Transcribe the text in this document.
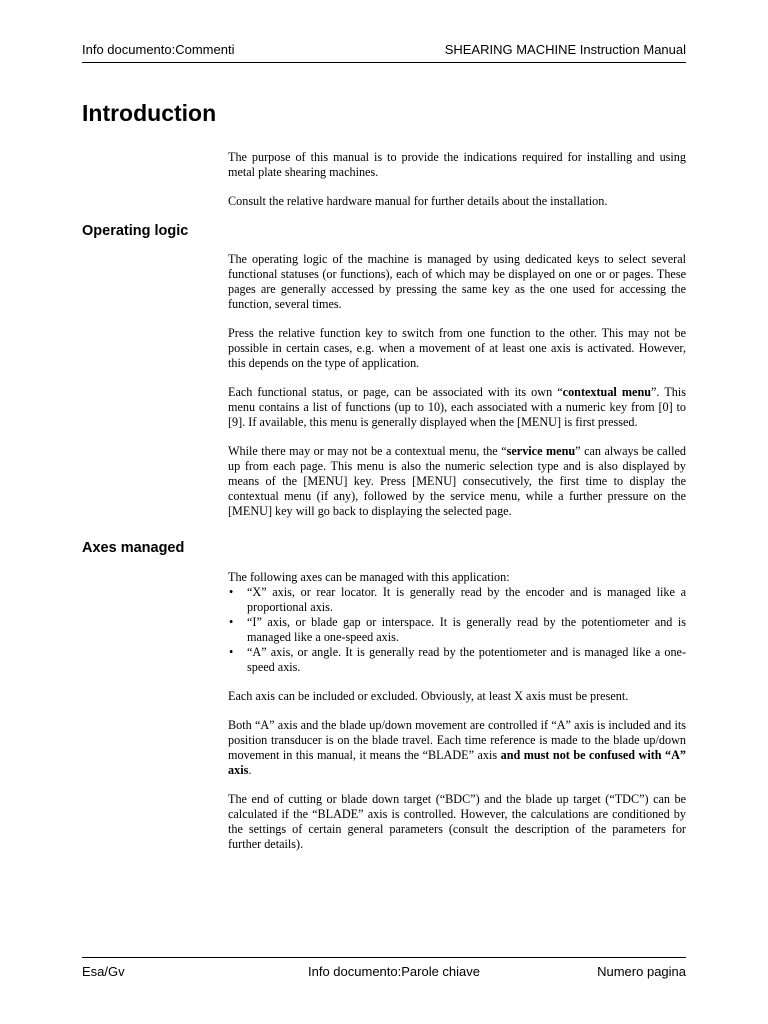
Info documento:Commenti	SHEARING MACHINE Instruction Manual
Introduction

The purpose of this manual is to provide the indications required for installing and using metal plate shearing machines.

Consult the relative hardware manual for further details about the installation.

Operating logic

The operating logic of the machine is managed by using dedicated keys to select several functional statuses (or functions), each of which may be displayed on one or or pages. These pages are generally accessed by pressing the same key as the one used for accessing the function, several times.

Press the relative function key to switch from one function to the other. This may not be possible in certain cases, e.g. when a movement of at least one axis is activated. However, this depends on the type of application.

Each functional status, or page, can be associated with its own “contextual menu”. This menu contains a list of functions (up to 10), each associated with a numeric key from [0] to [9]. If available, this menu is generally displayed when the [MENU] is first pressed.

While there may or may not be a contextual menu, the “service menu” can always be called up from each page. This menu is also the numeric selection type and is also displayed by means of the [MENU] key. Press [MENU] consecutively, the first time to display the contextual menu (if any), followed by the service menu, while a further pressure on the [MENU] key will go back to displaying the selected page.

Axes managed
The following axes can be managed with this application:
• “X” axis, or rear locator. It is generally read by the encoder and is managed like a proportional axis.
• “I” axis, or blade gap or interspace. It is generally read by the potentiometer and is managed like a one-speed axis.
• “A” axis, or angle. It is generally read by the potentiometer and is managed like a one-speed axis.

Each axis can be included or excluded. Obviously, at least X axis must be present.

Both “A” axis and the blade up/down movement are controlled if “A” axis is included and its position transducer is on the blade travel. Each time reference is made to the blade up/down movement in this manual, it means the “BLADE” axis and must not be confused with “A” axis.

The end of cutting or blade down target (“BDC”) and the blade up target (“TDC”) can be calculated if the “BLADE” axis is controlled. However, the calculations are conditioned by the settings of certain general parameters (consult the description of the parameters for further details).

Esa/Gv	Info documento:Parole chiave	Numero pagina
